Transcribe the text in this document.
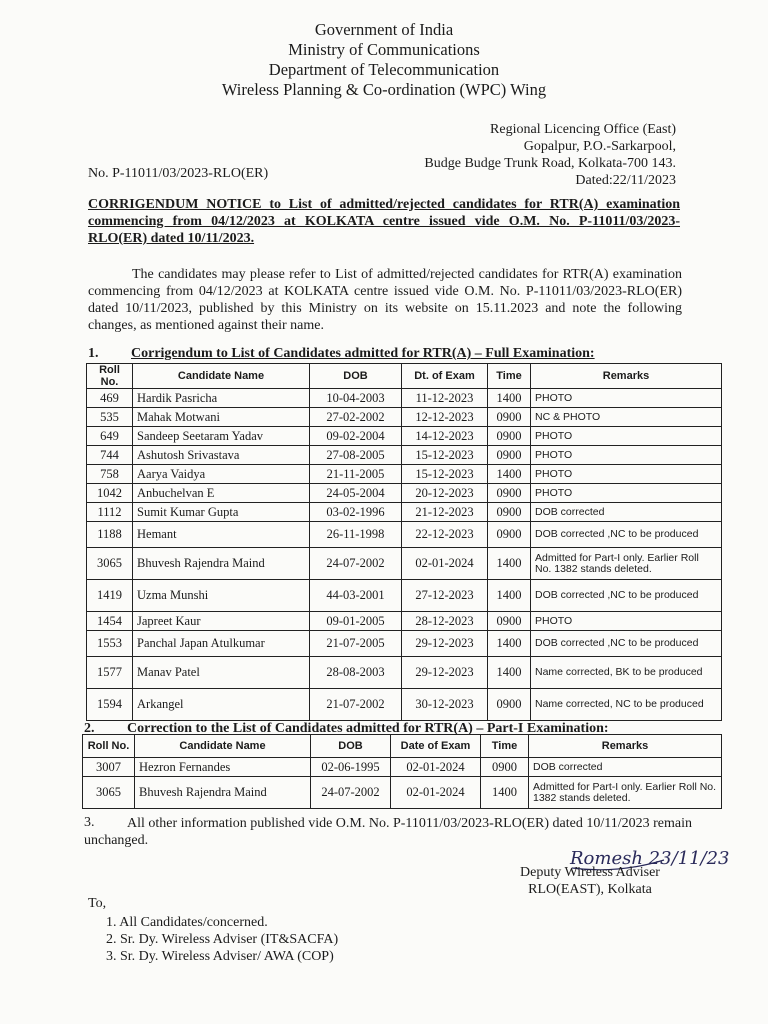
Government of India
Ministry of Communications
Department of Telecommunication
Wireless Planning & Co-ordination (WPC) Wing
Regional Licencing Office (East)
Gopalpur, P.O.-Sarkarpool,
Budge Budge Trunk Road, Kolkata-700 143.
Dated:22/11/2023
No. P-11011/03/2023-RLO(ER)
CORRIGENDUM NOTICE to List of admitted/rejected candidates for RTR(A) examination commencing from 04/12/2023 at KOLKATA centre issued vide O.M. No. P-11011/03/2023-RLO(ER) dated 10/11/2023.
The candidates may please refer to List of admitted/rejected candidates for RTR(A) examination commencing from 04/12/2023 at KOLKATA centre issued vide O.M. No. P-11011/03/2023-RLO(ER) dated 10/11/2023, published by this Ministry on its website on 15.11.2023 and note the following changes, as mentioned against their name.
1. Corrigendum to List of Candidates admitted for RTR(A) – Full Examination:
Roll No.	Candidate Name	DOB	Dt. of Exam	Time	Remarks
469	Hardik Pasricha	10-04-2003	11-12-2023	1400	PHOTO
535	Mahak Motwani	27-02-2002	12-12-2023	0900	NC & PHOTO
649	Sandeep Seetaram Yadav	09-02-2004	14-12-2023	0900	PHOTO
744	Ashutosh Srivastava	27-08-2005	15-12-2023	0900	PHOTO
758	Aarya Vaidya	21-11-2005	15-12-2023	1400	PHOTO
1042	Anbuchelvan E	24-05-2004	20-12-2023	0900	PHOTO
1112	Sumit Kumar Gupta	03-02-1996	21-12-2023	0900	DOB corrected
1188	Hemant	26-11-1998	22-12-2023	0900	DOB corrected ,NC to be produced
3065	Bhuvesh Rajendra Maind	24-07-2002	02-01-2024	1400	Admitted for Part-I only. Earlier Roll No. 1382 stands deleted.
1419	Uzma Munshi	44-03-2001	27-12-2023	1400	DOB corrected ,NC to be produced
1454	Japreet Kaur	09-01-2005	28-12-2023	0900	PHOTO
1553	Panchal Japan Atulkumar	21-07-2005	29-12-2023	1400	DOB corrected ,NC to be produced
1577	Manav Patel	28-08-2003	29-12-2023	1400	Name corrected, BK to be produced
1594	Arkangel	21-07-2002	30-12-2023	0900	Name corrected, NC to be produced
2. Correction to the List of Candidates admitted for RTR(A) – Part-I Examination:
Roll No.	Candidate Name	DOB	Date of Exam	Time	Remarks
3007	Hezron Fernandes	02-06-1995	02-01-2024	0900	DOB corrected
3065	Bhuvesh Rajendra Maind	24-07-2002	02-01-2024	1400	Admitted for Part-I only. Earlier Roll No. 1382 stands deleted.
3.	All other information published vide O.M. No. P-11011/03/2023-RLO(ER) dated 10/11/2023 remain unchanged.
Romesh 23/11/23
Deputy Wireless Adviser
RLO(EAST), Kolkata
To,
1. All Candidates/concerned.
2. Sr. Dy. Wireless Adviser (IT&SACFA)
3. Sr. Dy. Wireless Adviser/ AWA (COP)
